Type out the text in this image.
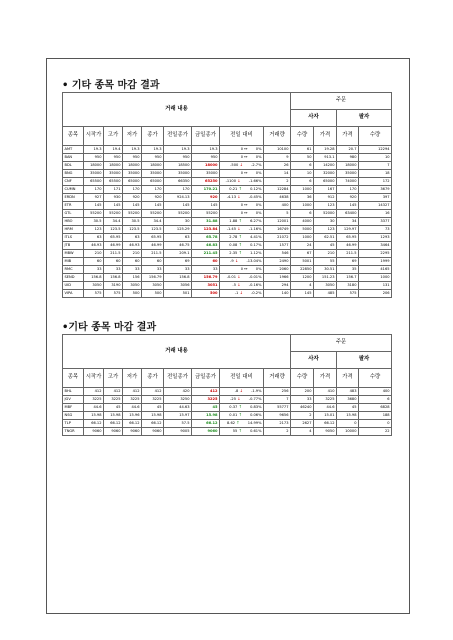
• 기타 종목 마감 결과
거래 내용									주문			
									사자		팔자	
종목	시작가	고가	저가	종가	전일종가	금일종가	전일 대비	거래량	수량	가격	가격	수량
AMT	19.3	19.4	19.3	19.3	19.3	19.3	0 ↔       0%	10100	61	19.28	20.7	12294
BAN	950	950	950	950	950	950	0 ↔       0%	9	50	913.1	980	10
BDL	18000	18000	18000	18000	18500	18000	-500 ↓       -2.7%	26	6	14200	18000	7
BNG	35000	35000	35000	35000	35000	35000	0 ↔       0%	14	10	32000	35000	18
CNF	65500	65500	65000	65000	66350	65250	-1100 ↓       -1.66%	2	6	65000	74000	172
CUMN	170	171	170	170	170	170.21	0.21 ↑       0.12%	12284	1000	167	170	3679
ERDN	927	930	920	920	924.13	920	-4.13 ↓       -0.45%	4638	36	912	920	397
ETR	145	145	145	145	145	145	0 ↔       0%	400	1000	123	145	14327
GTL	55200	55200	55200	55200	55200	55200	0 ↔       0%	5	6	52000	63400	16
HBO	30.5	34.4	30.5	34.4	30	31.88	1.88 ↑       6.27%	12001	4000	30	34	3377
HRM	123	123.5	123.5	123.5	125.29	123.84	-1.45 ↓       -1.16%	16749	5000	123	129.97	73
ITLS	63	65.95	63	65.95	63	65.78	2.78 ↑       4.41%	21072	1000	62.51	65.95	1293
JTB	46.93	46.99	46.93	46.99	46.75	46.83	0.08 ↑       0.17%	1577	24	45	46.99	3464
MBW	210	211.5	210	211.5	209.1	211.45	2.35 ↑       1.12%	546	67	210	211.5	2295
MIB	60	60	60	60	69	60	-9 ↓       -13.04%	2490	5001	55	69	1999
RMC	33	33	33	33	33	33	0 ↔       0%	2060	22850	30.51	35	4165
SEND	156.8	156.8	156	156.79	156.8	156.79	-0.01 ↓       -0.01%	1966	1200	151.23	156.7	1000
UID	3050	3190	3050	3050	3056	3051	-5 ↓       -0.16%	294	4	3050	3180	131
VIPA	575	575	500	500	501	500	-1 ↓       -0.2%	140	145	485	575	206
•기타 종목 마감 결과
거래 내용									주문			
									사자		팔자	
종목	시작가	고가	저가	종가	전일종가	금일종가	전일 대비	거래량	수량	가격	가격	수량
BHL	412	412	412	412	420	412	-8 ↓       -1.9%	256	200	410	483	400
JGV	3225	3225	3225	3225	3250	3225	-25 ↓       -0.77%	7	33	3225	3680	6
MBF	44.6	45	44.6	45	44.63	45	0.37 ↑       0.83%	55777	46240	44.6	45	6828
NSG	15.98	15.98	15.96	15.98	15.97	15.98	0.01 ↑       0.06%	9656	2	15.01	15.98	188
TLP	66.12	66.12	66.12	66.12	57.5	66.12	8.62 ↑       14.99%	2173	2627	66.12	0	0
TNGR	9060	9060	9060	9060	9005	9060	55 ↑       0.61%	2	4	9050	10000	22
